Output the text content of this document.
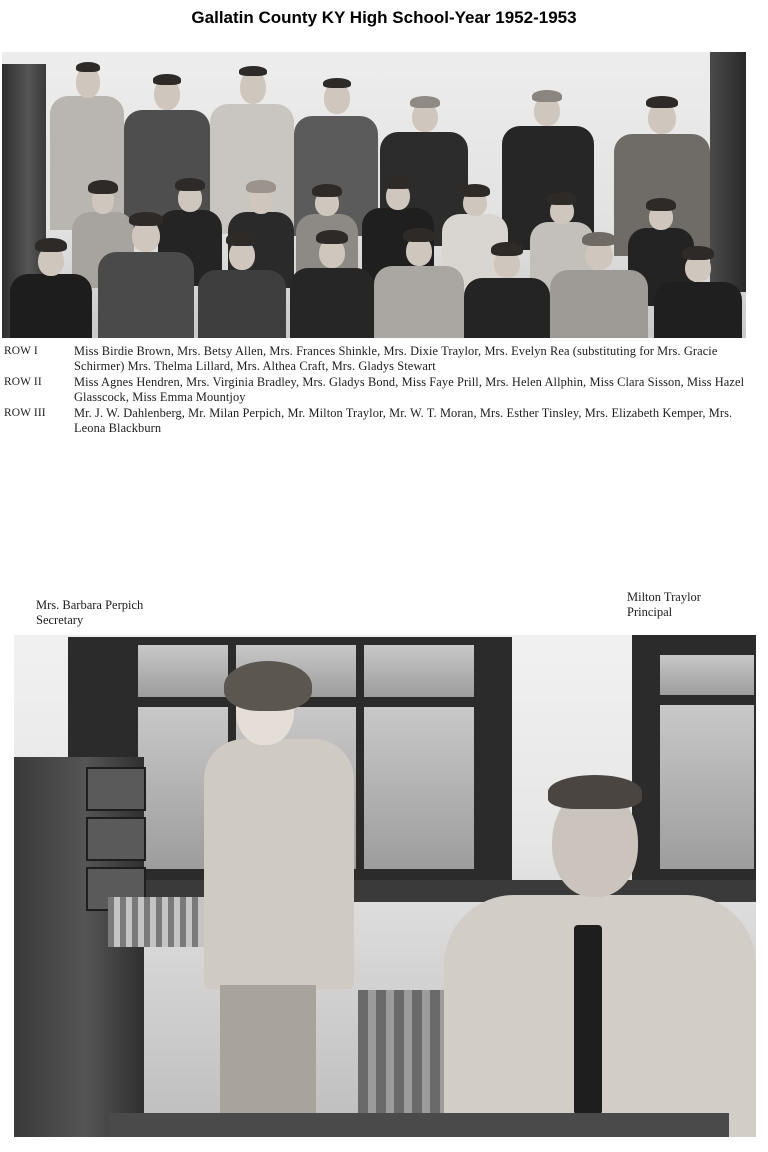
Gallatin County KY High School-Year 1952-1953
ROW I	Miss Birdie Brown, Mrs. Betsy Allen, Mrs. Frances Shinkle, Mrs. Dixie Traylor, Mrs. Evelyn Rea (substituting for Mrs. Gracie Schirmer) Mrs. Thelma Lillard, Mrs. Althea Craft, Mrs. Gladys Stewart
ROW II	Miss Agnes Hendren, Mrs. Virginia Bradley, Mrs. Gladys Bond, Miss Faye Prill, Mrs. Helen Allphin, Miss Clara Sisson, Miss Hazel Glasscock, Miss Emma Mountjoy
ROW III	Mr. J. W. Dahlenberg, Mr. Milan Perpich, Mr. Milton Traylor, Mr. W. T. Moran, Mrs. Esther Tinsley, Mrs. Elizabeth Kemper, Mrs. Leona Blackburn
Mrs. Barbara Perpich
Secretary
Milton Traylor
Principal
